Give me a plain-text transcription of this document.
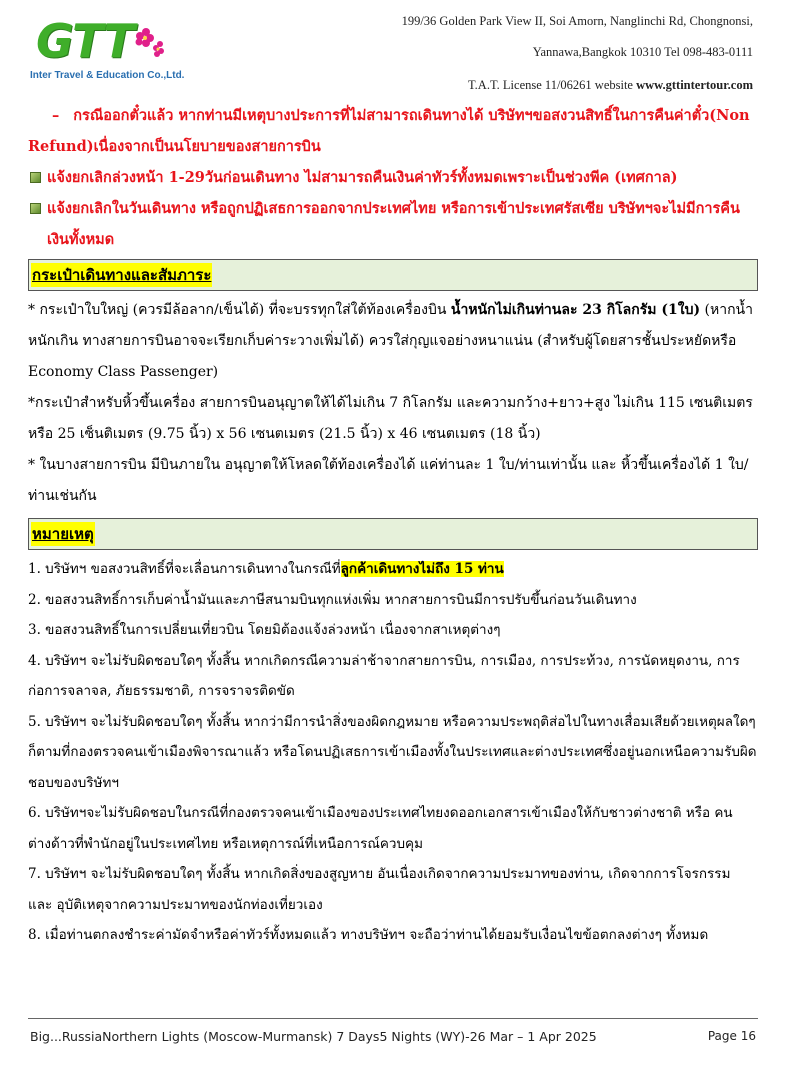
GTT
Inter Travel & Education Co.,Ltd.
199/36 Golden Park View II, Soi Amorn, Nanglinchi Rd, Chongnonsi,
Yannawa,Bangkok 10310 Tel 098-483-0111
T.A.T. License 11/06261 website www.gttintertour.com

– กรณีออกตั๋วแล้ว หากท่านมีเหตุบางประการที่ไม่สามารถเดินทางได้ บริษัทฯขอสงวนสิทธิ์ในการคืนค่าตั๋ว(Non Refund)เนื่องจากเป็นนโยบายของสายการบิน

แจ้งยกเลิกล่วงหน้า 1-29วันก่อนเดินทาง ไม่สามารถคืนเงินค่าทัวร์ทั้งหมดเพราะเป็นช่วงพีค (เทศกาล)

แจ้งยกเลิกในวันเดินทาง หรือถูกปฏิเสธการออกจากประเทศไทย หรือการเข้าประเทศรัสเซีย บริษัทฯจะไม่มีการคืนเงินทั้งหมด

กระเป๋าเดินทางและสัมภาระ

* กระเป๋าใบใหญ่ (ควรมีล้อลาก/เข็นได้) ที่จะบรรทุกใส่ใต้ท้องเครื่องบิน น้ำหนักไม่เกินท่านละ 23 กิโลกรัม (1ใบ) (หากน้ำหนักเกิน ทางสายการบินอาจจะเรียกเก็บค่าระวางเพิ่มได้) ควรใส่กุญแจอย่างหนาแน่น (สำหรับผู้โดยสารชั้นประหยัดหรือ Economy Class Passenger)

*กระเป๋าสำหรับหิ้วขึ้นเครื่อง สายการบินอนุญาตให้ได้ไม่เกิน 7 กิโลกรัม และความกว้าง+ยาว+สูง ไม่เกิน 115 เซนติเมตร หรือ 25 เซ็นติเมตร (9.75 นิ้ว) x 56 เซนตเมตร (21.5 นิ้ว) x 46 เซนตเมตร (18 นิ้ว)

* ในบางสายการบิน มีบินภายใน อนุญาตให้โหลดใต้ท้องเครื่องได้ แค่ท่านละ 1 ใบ/ท่านเท่านั้น และ หิ้วขึ้นเครื่องได้ 1 ใบ/ท่านเช่นกัน

หมายเหตุ

1. บริษัทฯ ขอสงวนสิทธิ์ที่จะเลื่อนการเดินทางในกรณีที่ลูกค้าเดินทางไม่ถึง 15 ท่าน

2. ขอสงวนสิทธิ์การเก็บค่าน้ำมันและภาษีสนามบินทุกแห่งเพิ่ม หากสายการบินมีการปรับขึ้นก่อนวันเดินทาง

3. ขอสงวนสิทธิ์ในการเปลี่ยนเที่ยวบิน โดยมิต้องแจ้งล่วงหน้า เนื่องจากสาเหตุต่างๆ

4. บริษัทฯ จะไม่รับผิดชอบใดๆ ทั้งสิ้น หากเกิดกรณีความล่าช้าจากสายการบิน, การเมือง, การประท้วง, การนัดหยุดงาน, การก่อการจลาจล, ภัยธรรมชาติ, การจราจรติดขัด

5. บริษัทฯ จะไม่รับผิดชอบใดๆ ทั้งสิ้น หากว่ามีการนำสิ่งของผิดกฎหมาย หรือความประพฤติส่อไปในทางเสื่อมเสียด้วยเหตุผลใดๆ ก็ตามที่กองตรวจคนเข้าเมืองพิจารณาแล้ว หรือโดนปฏิเสธการเข้าเมืองทั้งในประเทศและต่างประเทศซึ่งอยู่นอกเหนือความรับผิดชอบของบริษัทฯ

6. บริษัทฯจะไม่รับผิดชอบในกรณีที่กองตรวจคนเข้าเมืองของประเทศไทยงดออกเอกสารเข้าเมืองให้กับชาวต่างชาติ หรือ คนต่างด้าวที่พำนักอยู่ในประเทศไทย หรือเหตุการณ์ที่เหนือการณ์ควบคุม

7. บริษัทฯ จะไม่รับผิดชอบใดๆ ทั้งสิ้น หากเกิดสิ่งของสูญหาย อันเนื่องเกิดจากความประมาทของท่าน, เกิดจากการโจรกรรม และ อุบัติเหตุจากความประมาทของนักท่องเที่ยวเอง

8. เมื่อท่านตกลงชำระค่ามัดจำหรือค่าทัวร์ทั้งหมดแล้ว ทางบริษัทฯ จะถือว่าท่านได้ยอมรับเงื่อนไขข้อตกลงต่างๆ ทั้งหมด

Big...RussiaNorthern Lights (Moscow-Murmansk) 7 Days5 Nights (WY)-26 Mar – 1 Apr 2025	Page 16
